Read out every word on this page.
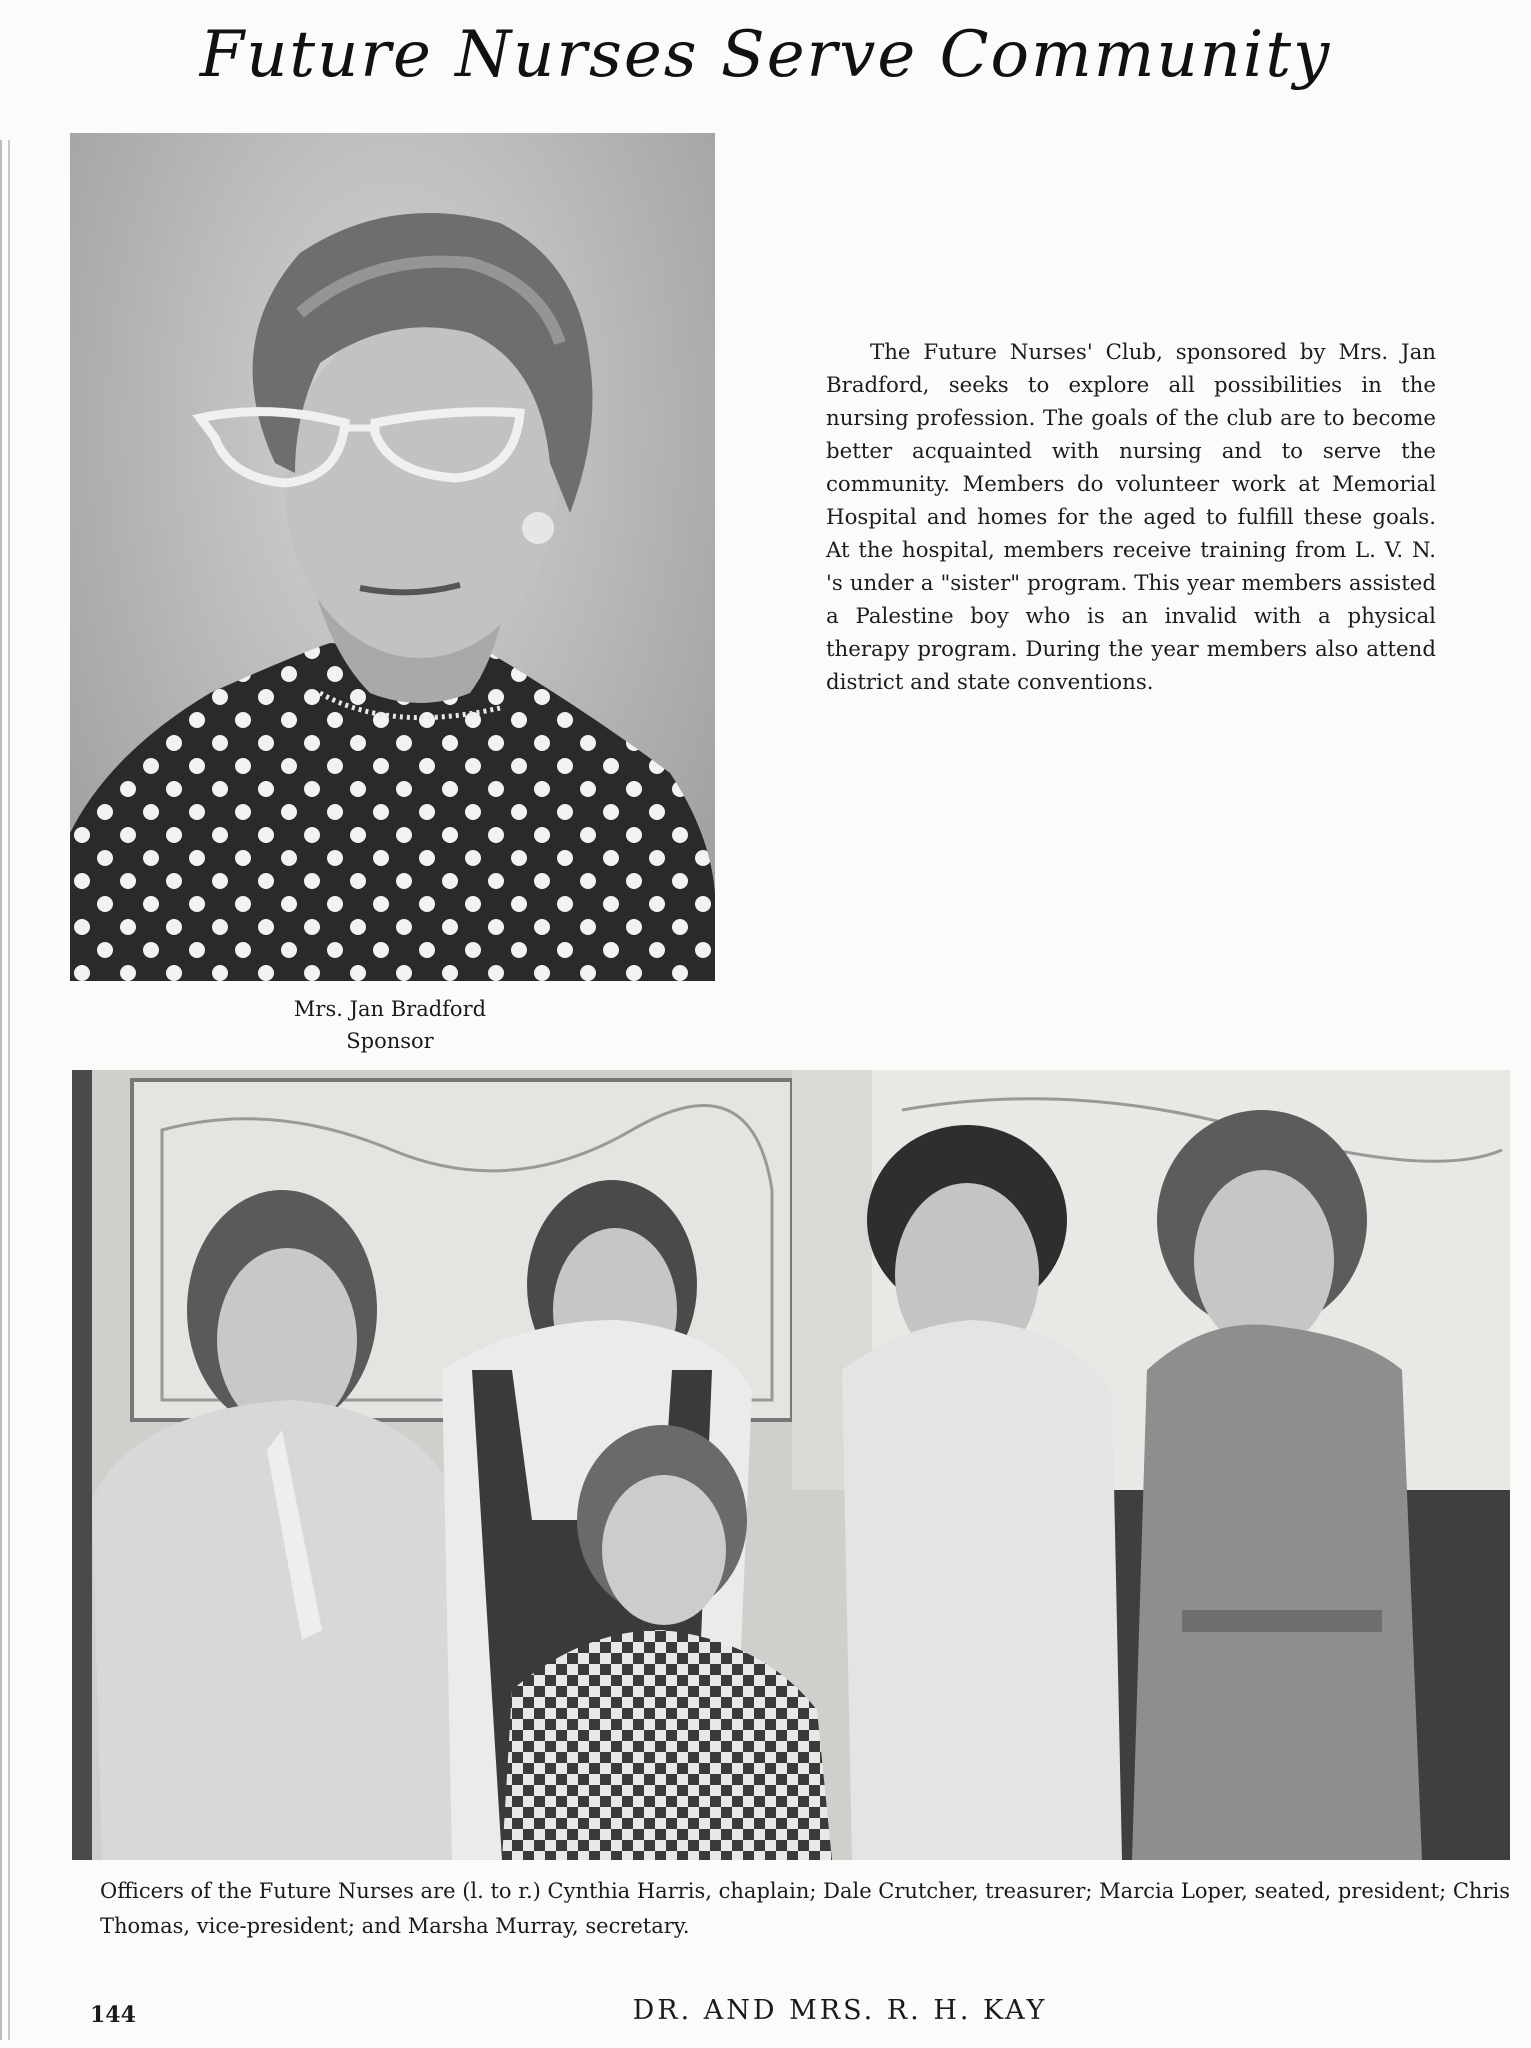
Future Nurses Serve Community
The Future Nurses' Club, sponsored by Mrs. Jan Bradford, seeks to explore all possibilities in the nursing profession. The goals of the club are to become better acquainted with nursing and to serve the community. Members do volunteer work at Memorial Hospital and homes for the aged to fulfill these goals. At the hospital, members receive training from L. V. N. 's under a "sister" program. This year members assisted a Palestine boy who is an invalid with a physical therapy program. During the year members also attend district and state conventions.
Mrs. Jan Bradford
Sponsor
Officers of the Future Nurses are (l. to r.) Cynthia Harris, chaplain; Dale Crutcher, treasurer; Marcia Loper, seated, president; Chris Thomas, vice-president; and Marsha Murray, secretary.
144	DR. AND MRS. R. H. KAY
